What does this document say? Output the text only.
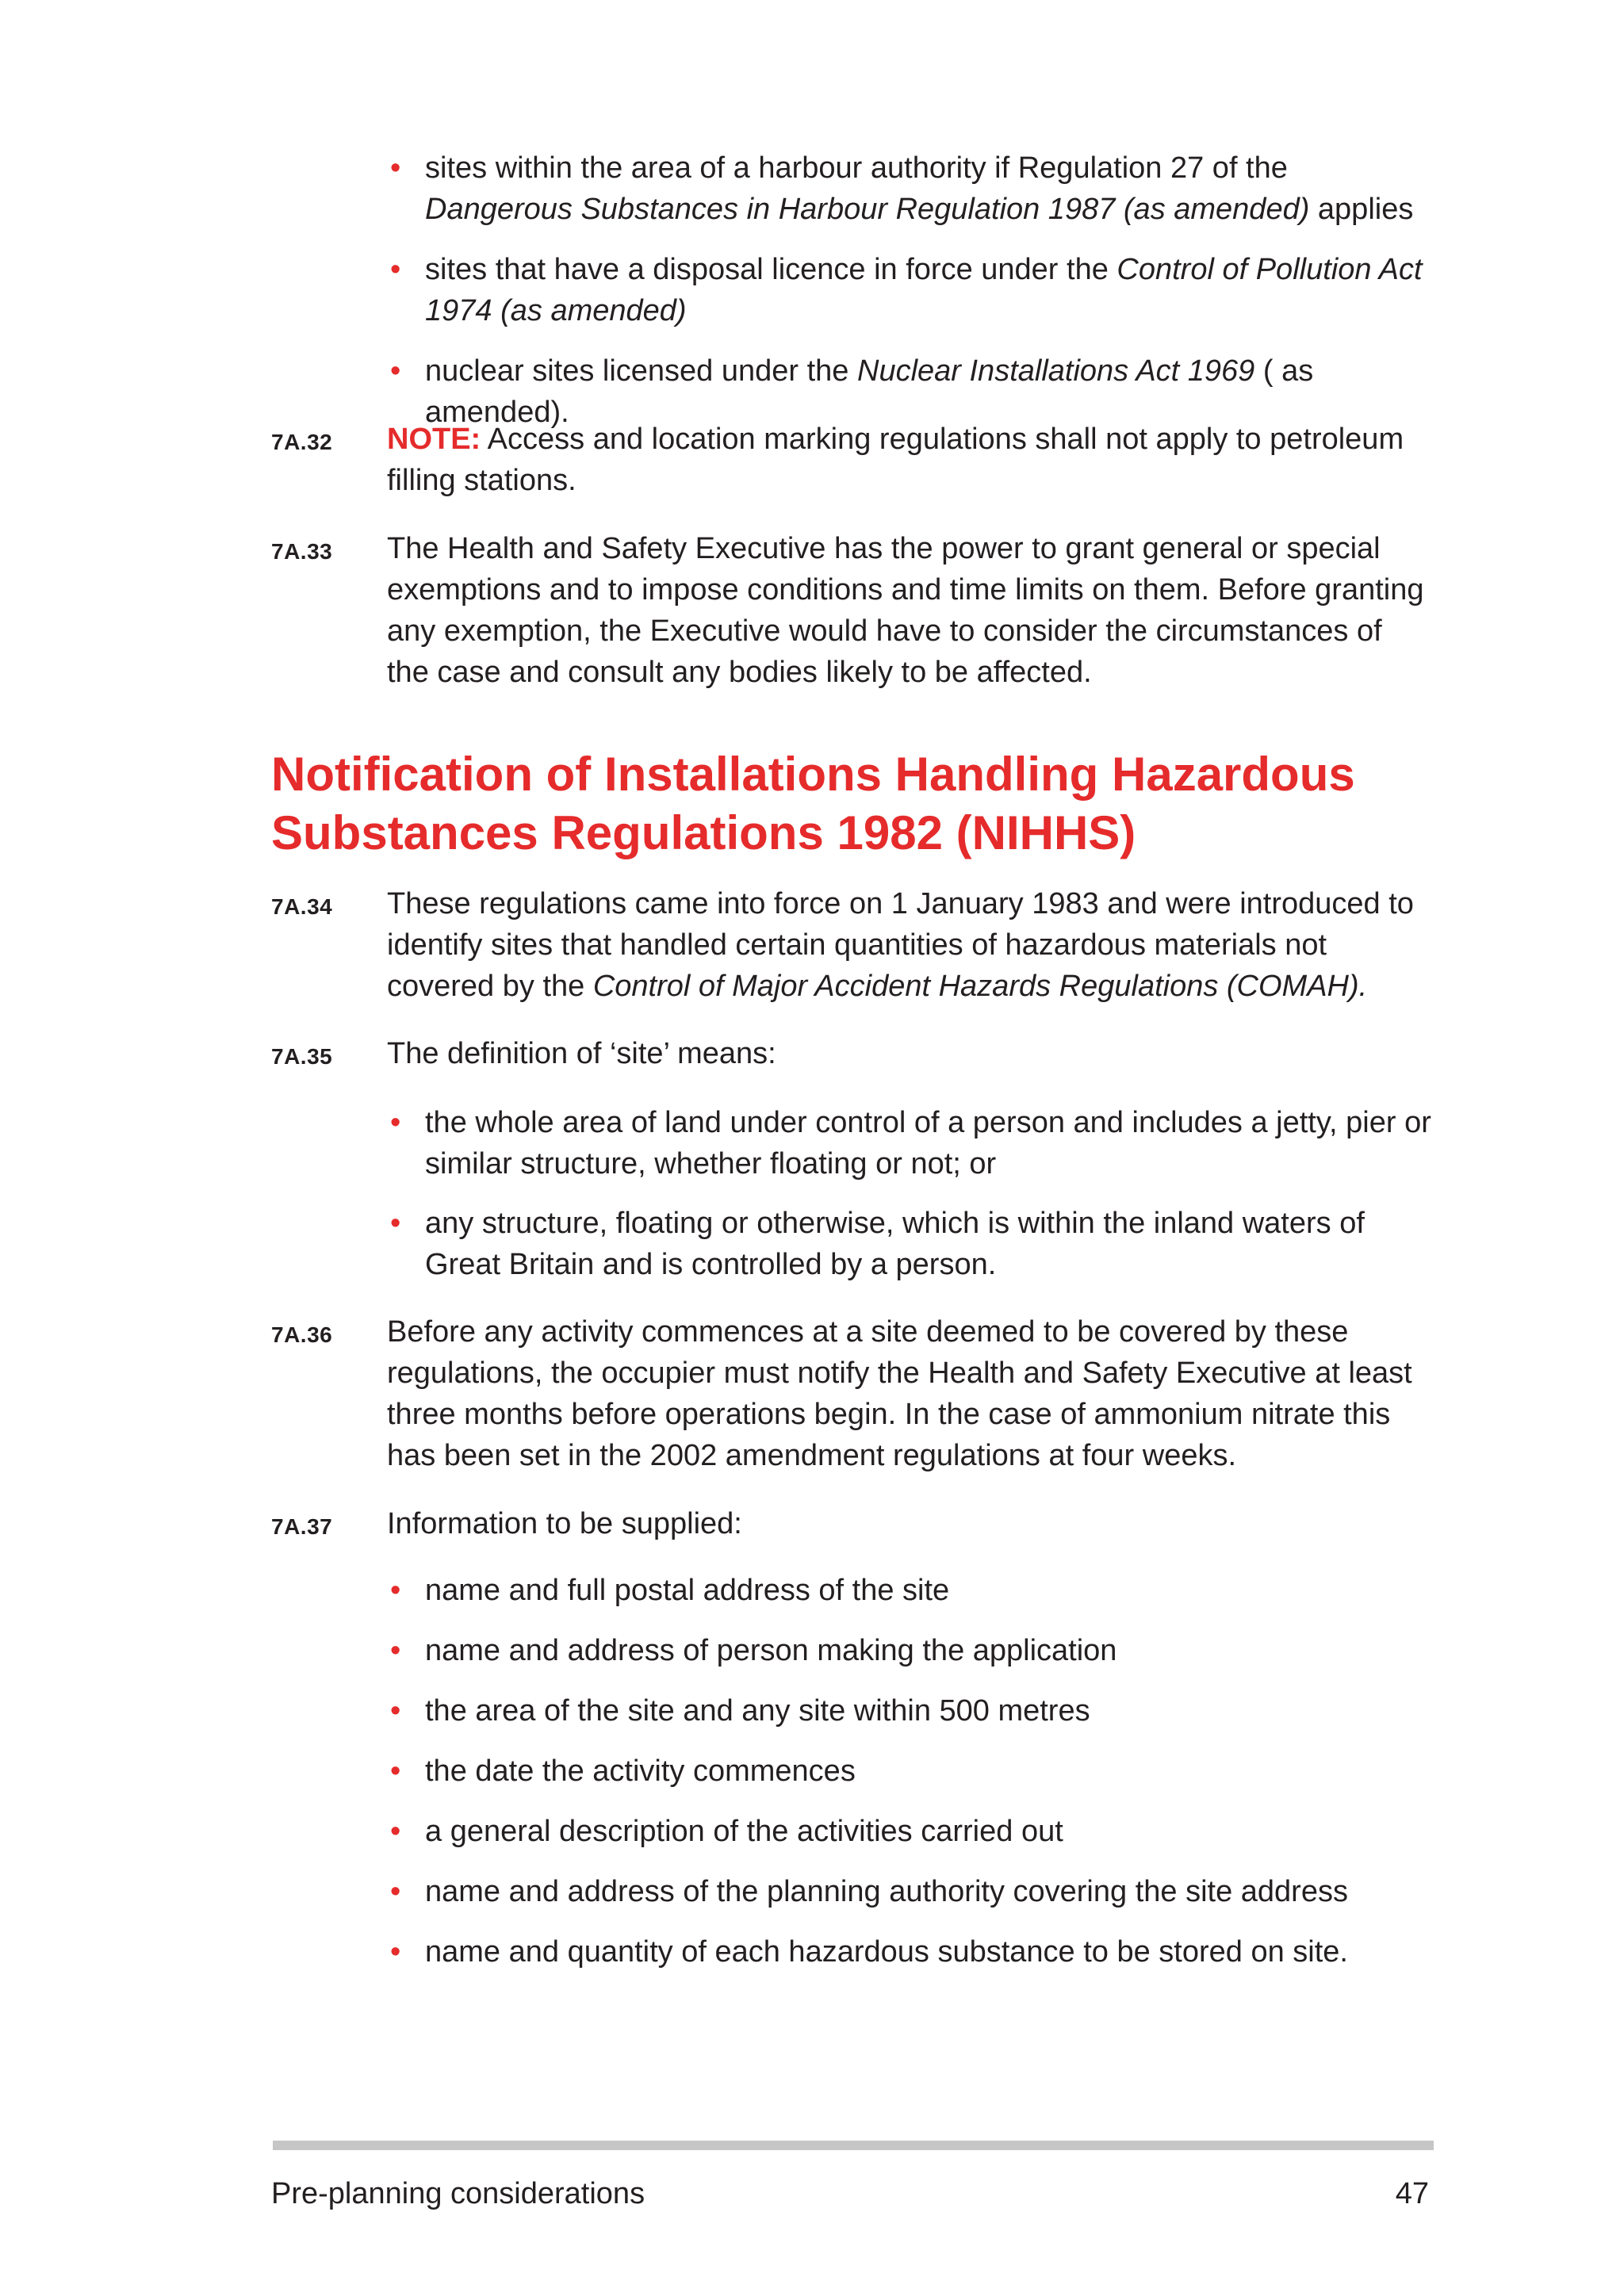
• sites within the area of a harbour authority if Regulation 27 of the Dangerous Substances in Harbour Regulation 1987 (as amended) applies
• sites that have a disposal licence in force under the Control of Pollution Act 1974 (as amended)
• nuclear sites licensed under the Nuclear Installations Act 1969 ( as amended).
7A.32 NOTE: Access and location marking regulations shall not apply to petroleum filling stations.
7A.33 The Health and Safety Executive has the power to grant general or special exemptions and to impose conditions and time limits on them. Before granting any exemption, the Executive would have to consider the circumstances of the case and consult any bodies likely to be affected.
Notification of Installations Handling Hazardous Substances Regulations 1982 (NIHHS)
7A.34 These regulations came into force on 1 January 1983 and were introduced to identify sites that handled certain quantities of hazardous materials not covered by the Control of Major Accident Hazards Regulations (COMAH).
7A.35 The definition of ‘site’ means:
• the whole area of land under control of a person and includes a jetty, pier or similar structure, whether floating or not; or
• any structure, floating or otherwise, which is within the inland waters of Great Britain and is controlled by a person.
7A.36 Before any activity commences at a site deemed to be covered by these regulations, the occupier must notify the Health and Safety Executive at least three months before operations begin. In the case of ammonium nitrate this has been set in the 2002 amendment regulations at four weeks.
7A.37 Information to be supplied:
• name and full postal address of the site
• name and address of person making the application
• the area of the site and any site within 500 metres
• the date the activity commences
• a general description of the activities carried out
• name and address of the planning authority covering the site address
• name and quantity of each hazardous substance to be stored on site.
Pre-planning considerations	47
